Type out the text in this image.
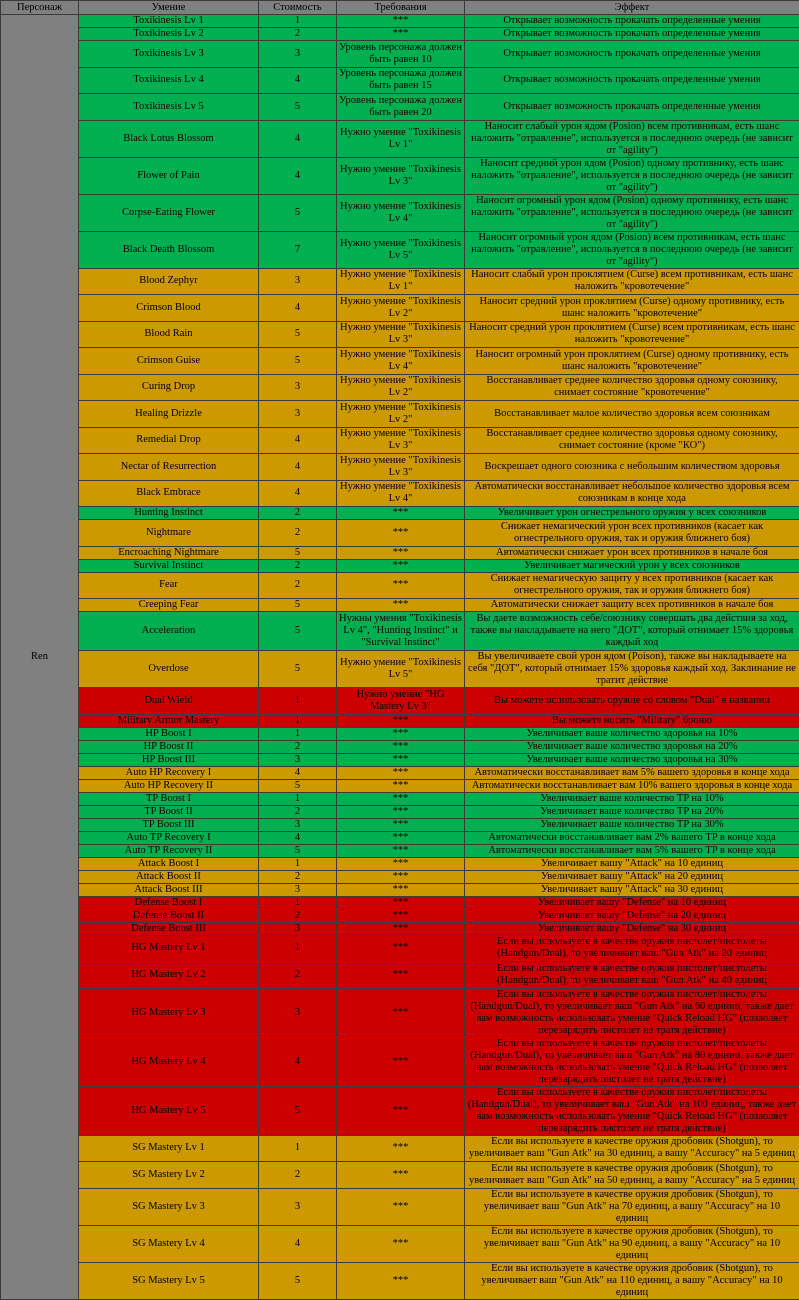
Персонаж	Умение	Стоимость	Требования	Эффект
Ren	Toxikinesis Lv 1	1	***	Открывает возможность прокачать определенные умения
	Toxikinesis Lv 2	2	***	Открывает возможность прокачать определенные умения
	Toxikinesis Lv 3	3	Уровень персонажа должен быть равен 10	Открывает возможность прокачать определенные умения
	Toxikinesis Lv 4	4	Уровень персонажа должен быть равен 15	Открывает возможность прокачать определенные умения
	Toxikinesis Lv 5	5	Уровень персонажа должен быть равен 20	Открывает возможность прокачать определенные умения
	Black Lotus Blossom	4	Нужно умение "Toxikinesis Lv 1"	Наносит слабый урон ядом (Posion) всем противникам, есть шанс наложить "отравление", используется в последнюю очередь (не зависит от "agility")
	Flower of Pain	4	Нужно умение "Toxikinesis Lv 3"	Наносит средний урон ядом (Posion) одному противнику, есть шанс наложить "отравление", используется в последнюю очередь (не зависит от "agility")
	Corpse-Eating Flower	5	Нужно умение "Toxikinesis Lv 4"	Наносит огромный урон ядом (Posion) одному противнику, есть шанс наложить "отравление", используется в последнюю очередь (не зависит от "agility")
	Black Death Blossom	7	Нужно умение "Toxikinesis Lv 5"	Наносит огромный урон ядом (Posion) всем противникам, есть шанс наложить "отравление", используется в последнюю очередь (не зависит от "agility")
	Blood Zephyr	3	Нужно умение "Toxikinesis Lv 1"	Наносит слабый урон проклятием (Curse) всем противникам, есть шанс наложить "кровотечение"
	Crimson Blood	4	Нужно умение "Toxikinesis Lv 2"	Наносит средний урон проклятием (Curse) одному противнику, есть шанс наложить "кровотечение"
	Blood Rain	5	Нужно умение "Toxikinesis Lv 3"	Наносит средний урон проклятием (Curse) всем противникам, есть шанс наложить "кровотечение"
	Crimson Guise	5	Нужно умение "Toxikinesis Lv 4"	Наносит огромный урон проклятием (Curse) одному противнику, есть шанс наложить "кровотечение"
	Curing Drop	3	Нужно умение "Toxikinesis Lv 2"	Восстанавливает среднее количество здоровья одному союзнику, снимает состояние "кровотечение"
	Healing Drizzle	3	Нужно умение "Toxikinesis Lv 2"	Восстанавливает малое количество здоровья всем союзникам
	Remedial Drop	4	Нужно умение "Toxikinesis Lv 3"	Восстанавливает среднее количество здоровья одному союзнику, снимает состояние (кроме "КО")
	Nectar of Resurrection	4	Нужно умение "Toxikinesis Lv 3"	Воскрешает одного союзника с небольшим количеством здоровья
	Black Embrace	4	Нужно умение "Toxikinesis Lv 4"	Автоматически восстанавливает небольшое количество здоровья всем союзникам в конце хода
	Hunting Instinct	2	***	Увеличивает урон огнестрельного оружия у всех союзников
	Nightmare	2	***	Снижает немагический урон всех противников (касает как огнестрельного оружия, так и оружия ближнего боя)
	Encroaching Nightmare	5	***	Автоматически снижает урон всех противников в начале боя
	Survival Instinct	2	***	Увеличивает магический урон у всех союзников
	Fear	2	***	Снижает немагическую защиту у всех противников (касает как огнестрельного оружия, так и оружия ближнего боя)
	Creeping Fear	5	***	Автоматически снижает защиту всех противников в начале боя
	Acceleration	5	Нужны умения "Toxikinesis Lv 4", "Hunting Instinct" и "Survival Instinct"	Вы даете возможность себе/союзнику совершать два действия за ход, также вы накладываете на него "ДОТ", который отнимает 15% здоровья каждый ход
	Overdose	5	Нужно умение "Toxikinesis Lv 5"	Вы увеличиваете свой урон ядом (Poison), также вы накладываете на себя "ДОТ", который отнимает 15% здоровья каждый ход. Заклинание не тратит действие
	Dual Wield	1	Нужно умение "HG Mastery Lv 3"	Вы можете использовать оружие со словом "Dual" в названии
	Military Armor Mastery	1	***	Вы можете носить "Military" броню
	HP Boost I	1	***	Увеличивает ваше количество здоровья на 10%
	HP Boost II	2	***	Увеличивает ваше количество здоровья на 20%
	HP Boost III	3	***	Увеличивает ваше количество здоровья на 30%
	Auto HP Recovery I	4	***	Автоматически восстанавливает вам 5% вашего здоровья в конце хода
	Auto HP Recovery II	5	***	Автоматически восстанавливает вам 10% вашего здоровья в конце хода
	TP Boost I	1	***	Увеличивает ваше количество TP на 10%
	TP Boost II	2	***	Увеличивает ваше количество TP на 20%
	TP Boost III	3	***	Увеличивает ваше количество TP на 30%
	Auto TP Recovery I	4	***	Автоматически восстанавливает вам 2% вашего TP в конце хода
	Auto TP Recovery II	5	***	Автоматически восстанавливает вам 5% вашего TP в конце хода
	Attack Boost I	1	***	Увеличивает вашу "Attack" на 10 единиц
	Attack Boost II	2	***	Увеличивает вашу "Attack" на 20 единиц
	Attack Boost III	3	***	Увеличивает вашу "Attack" на 30 единиц
	Defense Boost I	1	***	Увеличивает вашу "Defense" на 10 единиц
	Defense Boost II	2	***	Увеличивает вашу "Defense" на 20 единиц
	Defense Boost III	3	***	Увеличивает вашу "Defense" на 30 единиц
	HG Mastery Lv 1	1	***	Если вы используете в качестве оружия пистолет/пистолеты (Handgun/Dual), то увеличивает ваш "Gun Atk" на 20 единиц
	HG Mastery Lv 2	2	***	Если вы используете в качестве оружия пистолет/пистолеты (Handgun/Dual), то увеличивает ваш "Gun Atk" на 40 единиц
	HG Mastery Lv 3	3	***	Если вы используете в качестве оружия пистолет/пистолеты (Handgun/Dual), то увеличивает ваш "Gun Atk" на 60 единиц, также дает вам возможность использовать умение "Quick Reload HG" (позволяет перезарядить пистолет не тратя действие)
	HG Mastery Lv 4	4	***	Если вы используете в качестве оружия пистолет/пистолеты (Handgun/Dual), то увеличивает ваш "Gun Atk" на 80 единиц, также дает вам возможность использовать умение "Quick Reload HG" (позволяет перезарядить пистолет не тратя действие)
	HG Mastery Lv 5	5	***	Если вы используете в качестве оружия пистолет/пистолеты (Handgun/Dual), то увеличивает ваш "Gun Atk" на 100 единиц, также дает вам возможность использовать умение "Quick Reload HG" (позволяет перезарядить пистолет не тратя действие)
	SG Mastery Lv 1	1	***	Если вы используете в качестве оружия дробовик (Shotgun), то увеличивает ваш "Gun Atk" на 30 единиц, а вашу "Accuracy" на 5 единиц
	SG Mastery Lv 2	2	***	Если вы используете в качестве оружия дробовик (Shotgun), то увеличивает ваш "Gun Atk" на 50 единиц, а вашу "Accuracy" на 5 единиц
	SG Mastery Lv 3	3	***	Если вы используете в качестве оружия дробовик (Shotgun), то увеличивает ваш "Gun Atk" на 70 единиц, а вашу "Accuracy" на 10 единиц
	SG Mastery Lv 4	4	***	Если вы используете в качестве оружия дробовик (Shotgun), то увеличивает ваш "Gun Atk" на 90 единиц, а вашу "Accuracy" на 10 единиц
	SG Mastery Lv 5	5	***	Если вы используете в качестве оружия дробовик (Shotgun), то увеличивает ваш "Gun Atk" на 110 единиц, а вашу "Accuracy" на 10 единиц
